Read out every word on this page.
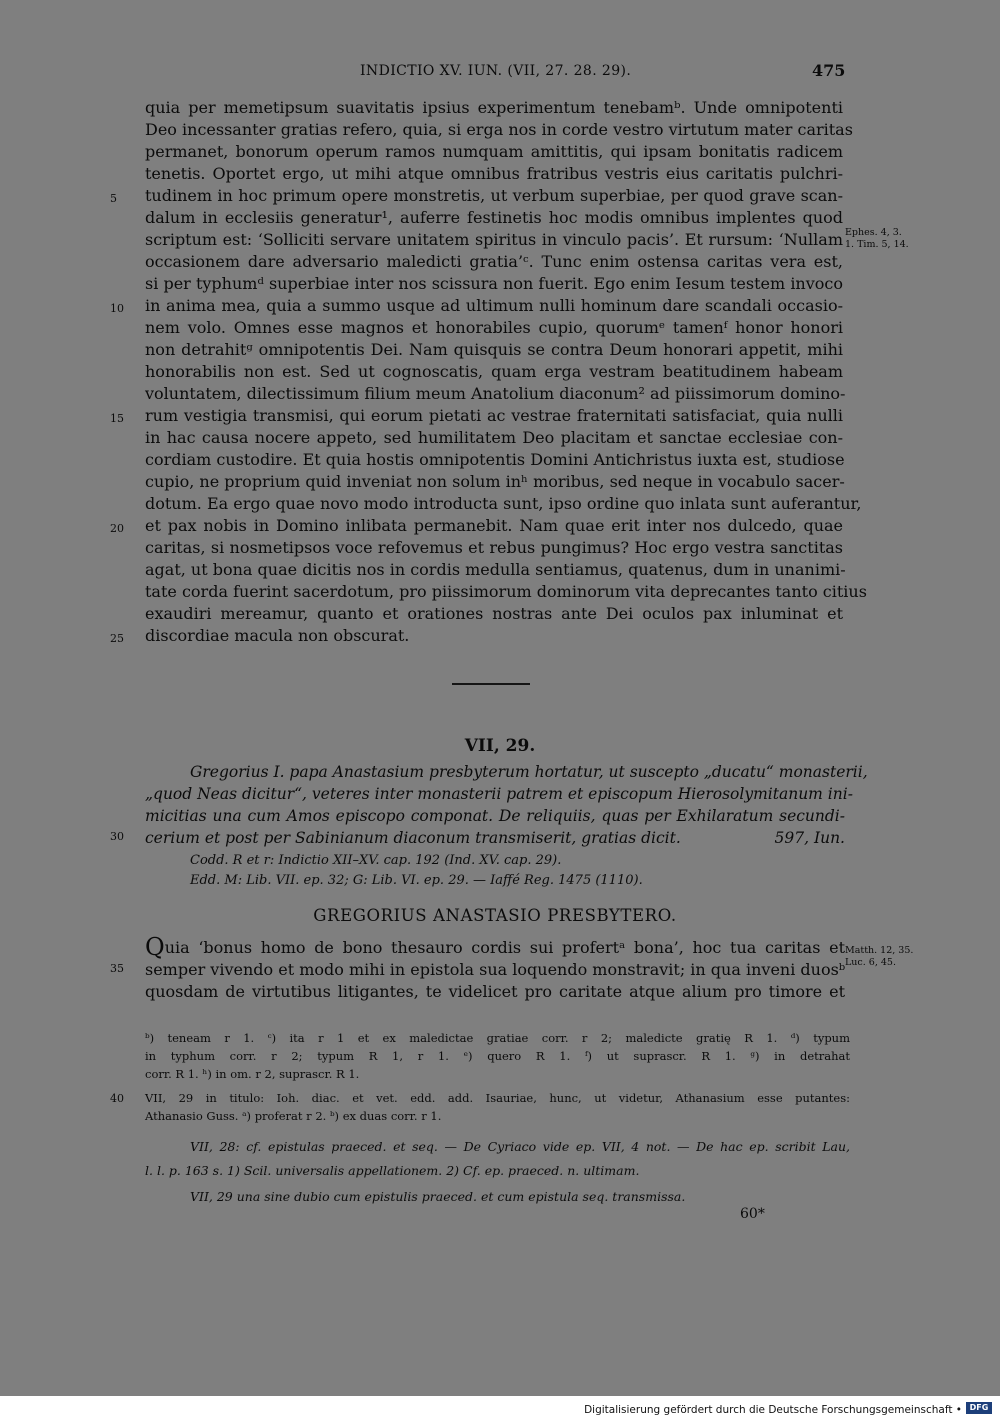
INDICTIO XV. IUN. (VII, 27. 28. 29).	475
quia per memetipsum suavitatis ipsius experimentum tenebamᵇ. Unde omnipotenti
Deo incessanter gratias refero, quia, si erga nos in corde vestro virtutum mater caritas
permanet, bonorum operum ramos numquam amittitis, qui ipsam bonitatis radicem
tenetis. Oportet ergo, ut mihi atque omnibus fratribus vestris eius caritatis pulchri-
tudinem in hoc primum opere monstretis, ut verbum superbiae, per quod grave scan-
dalum in ecclesiis generatur¹, auferre festinetis hoc modis omnibus implentes quod
scriptum est: ‘Solliciti servare unitatem spiritus in vinculo pacis’. Et rursum: ‘Nullam
occasionem dare adversario maledicti gratia’ᶜ. Tunc enim ostensa caritas vera est,
si per typhumᵈ superbiae inter nos scissura non fuerit. Ego enim Iesum testem invoco
in anima mea, quia a summo usque ad ultimum nulli hominum dare scandali occasio-
nem volo. Omnes esse magnos et honorabiles cupio, quorumᵉ tamenᶠ honor honori
non detrahitᵍ omnipotentis Dei. Nam quisquis se contra Deum honorari appetit, mihi
honorabilis non est. Sed ut cognoscatis, quam erga vestram beatitudinem habeam
voluntatem, dilectissimum filium meum Anatolium diaconum² ad piissimorum domino-
rum vestigia transmisi, qui eorum pietati ac vestrae fraternitati satisfaciat, quia nulli
in hac causa nocere appeto, sed humilitatem Deo placitam et sanctae ecclesiae con-
cordiam custodire. Et quia hostis omnipotentis Domini Antichristus iuxta est, studiose
cupio, ne proprium quid inveniat non solum inʰ moribus, sed neque in vocabulo sacer-
dotum. Ea ergo quae novo modo introducta sunt, ipso ordine quo inlata sunt auferantur,
et pax nobis in Domino inlibata permanebit. Nam quae erit inter nos dulcedo, quae
caritas, si nosmetipsos voce refovemus et rebus pungimus? Hoc ergo vestra sanctitas
agat, ut bona quae dicitis nos in cordis medulla sentiamus, quatenus, dum in unanimi-
tate corda fuerint sacerdotum, pro piissimorum dominorum vita deprecantes tanto citius
exaudiri mereamur, quanto et orationes nostras ante Dei oculos pax inluminat et
discordiae macula non obscurat.
5
10
15
20
25
30
35
40
Ephes. 4, 3.
1. Tim. 5, 14.
Matth. 12, 35.
Luc. 6, 45.
VII, 29.
Gregorius I. papa Anastasium presbyterum hortatur, ut suscepto „ducatu“ monasterii,
„quod Neas dicitur“, veteres inter monasterii patrem et episcopum Hierosolymitanum ini-
micitias una cum Amos episcopo componat. De reliquiis, quas per Exhilaratum secundi-
cerium et post per Sabinianum diaconum transmiserit, gratias dicit.	597, Iun.
Codd. R et r: Indictio XII–XV. cap. 192 (Ind. XV. cap. 29).
Edd. M: Lib. VII. ep. 32; G: Lib. VI. ep. 29. — Iaffé Reg. 1475 (1110).
GREGORIUS ANASTASIO PRESBYTERO.
Quia ‘bonus homo de bono thesauro cordis sui profertᵃ bona’, hoc tua caritas et
semper vivendo et modo mihi in epistola sua loquendo monstravit; in qua inveni duosᵇ
quosdam de virtutibus litigantes, te videlicet pro caritate atque alium pro timore et
ᵇ) teneam r 1. ᶜ) ita r 1 et ex maledictae gratiae corr. r 2; maledicte gratię R 1. ᵈ) typum
in typhum corr. r 2; typum R 1, r 1. ᵉ) quero R 1. ᶠ) ut suprascr. R 1. ᵍ) in detrahat
corr. R 1. ʰ) in om. r 2, suprascr. R 1.
VII, 29 in titulo: Ioh. diac. et vet. edd. add. Isauriae, hunc, ut videtur, Athanasium esse putantes:
Athanasio Guss. ᵃ) proferat r 2. ᵇ) ex duas corr. r 1.
VII, 28: cf. epistulas praeced. et seq. — De Cyriaco vide ep. VII, 4 not. — De hac ep. scribit Lau,
l. l. p. 163 s. 1) Scil. universalis appellationem. 2) Cf. ep. praeced. n. ultimam.
VII, 29 una sine dubio cum epistulis praeced. et cum epistula seq. transmissa.
60*
Digitalisierung gefördert durch die Deutsche Forschungsgemeinschaft • DFG
